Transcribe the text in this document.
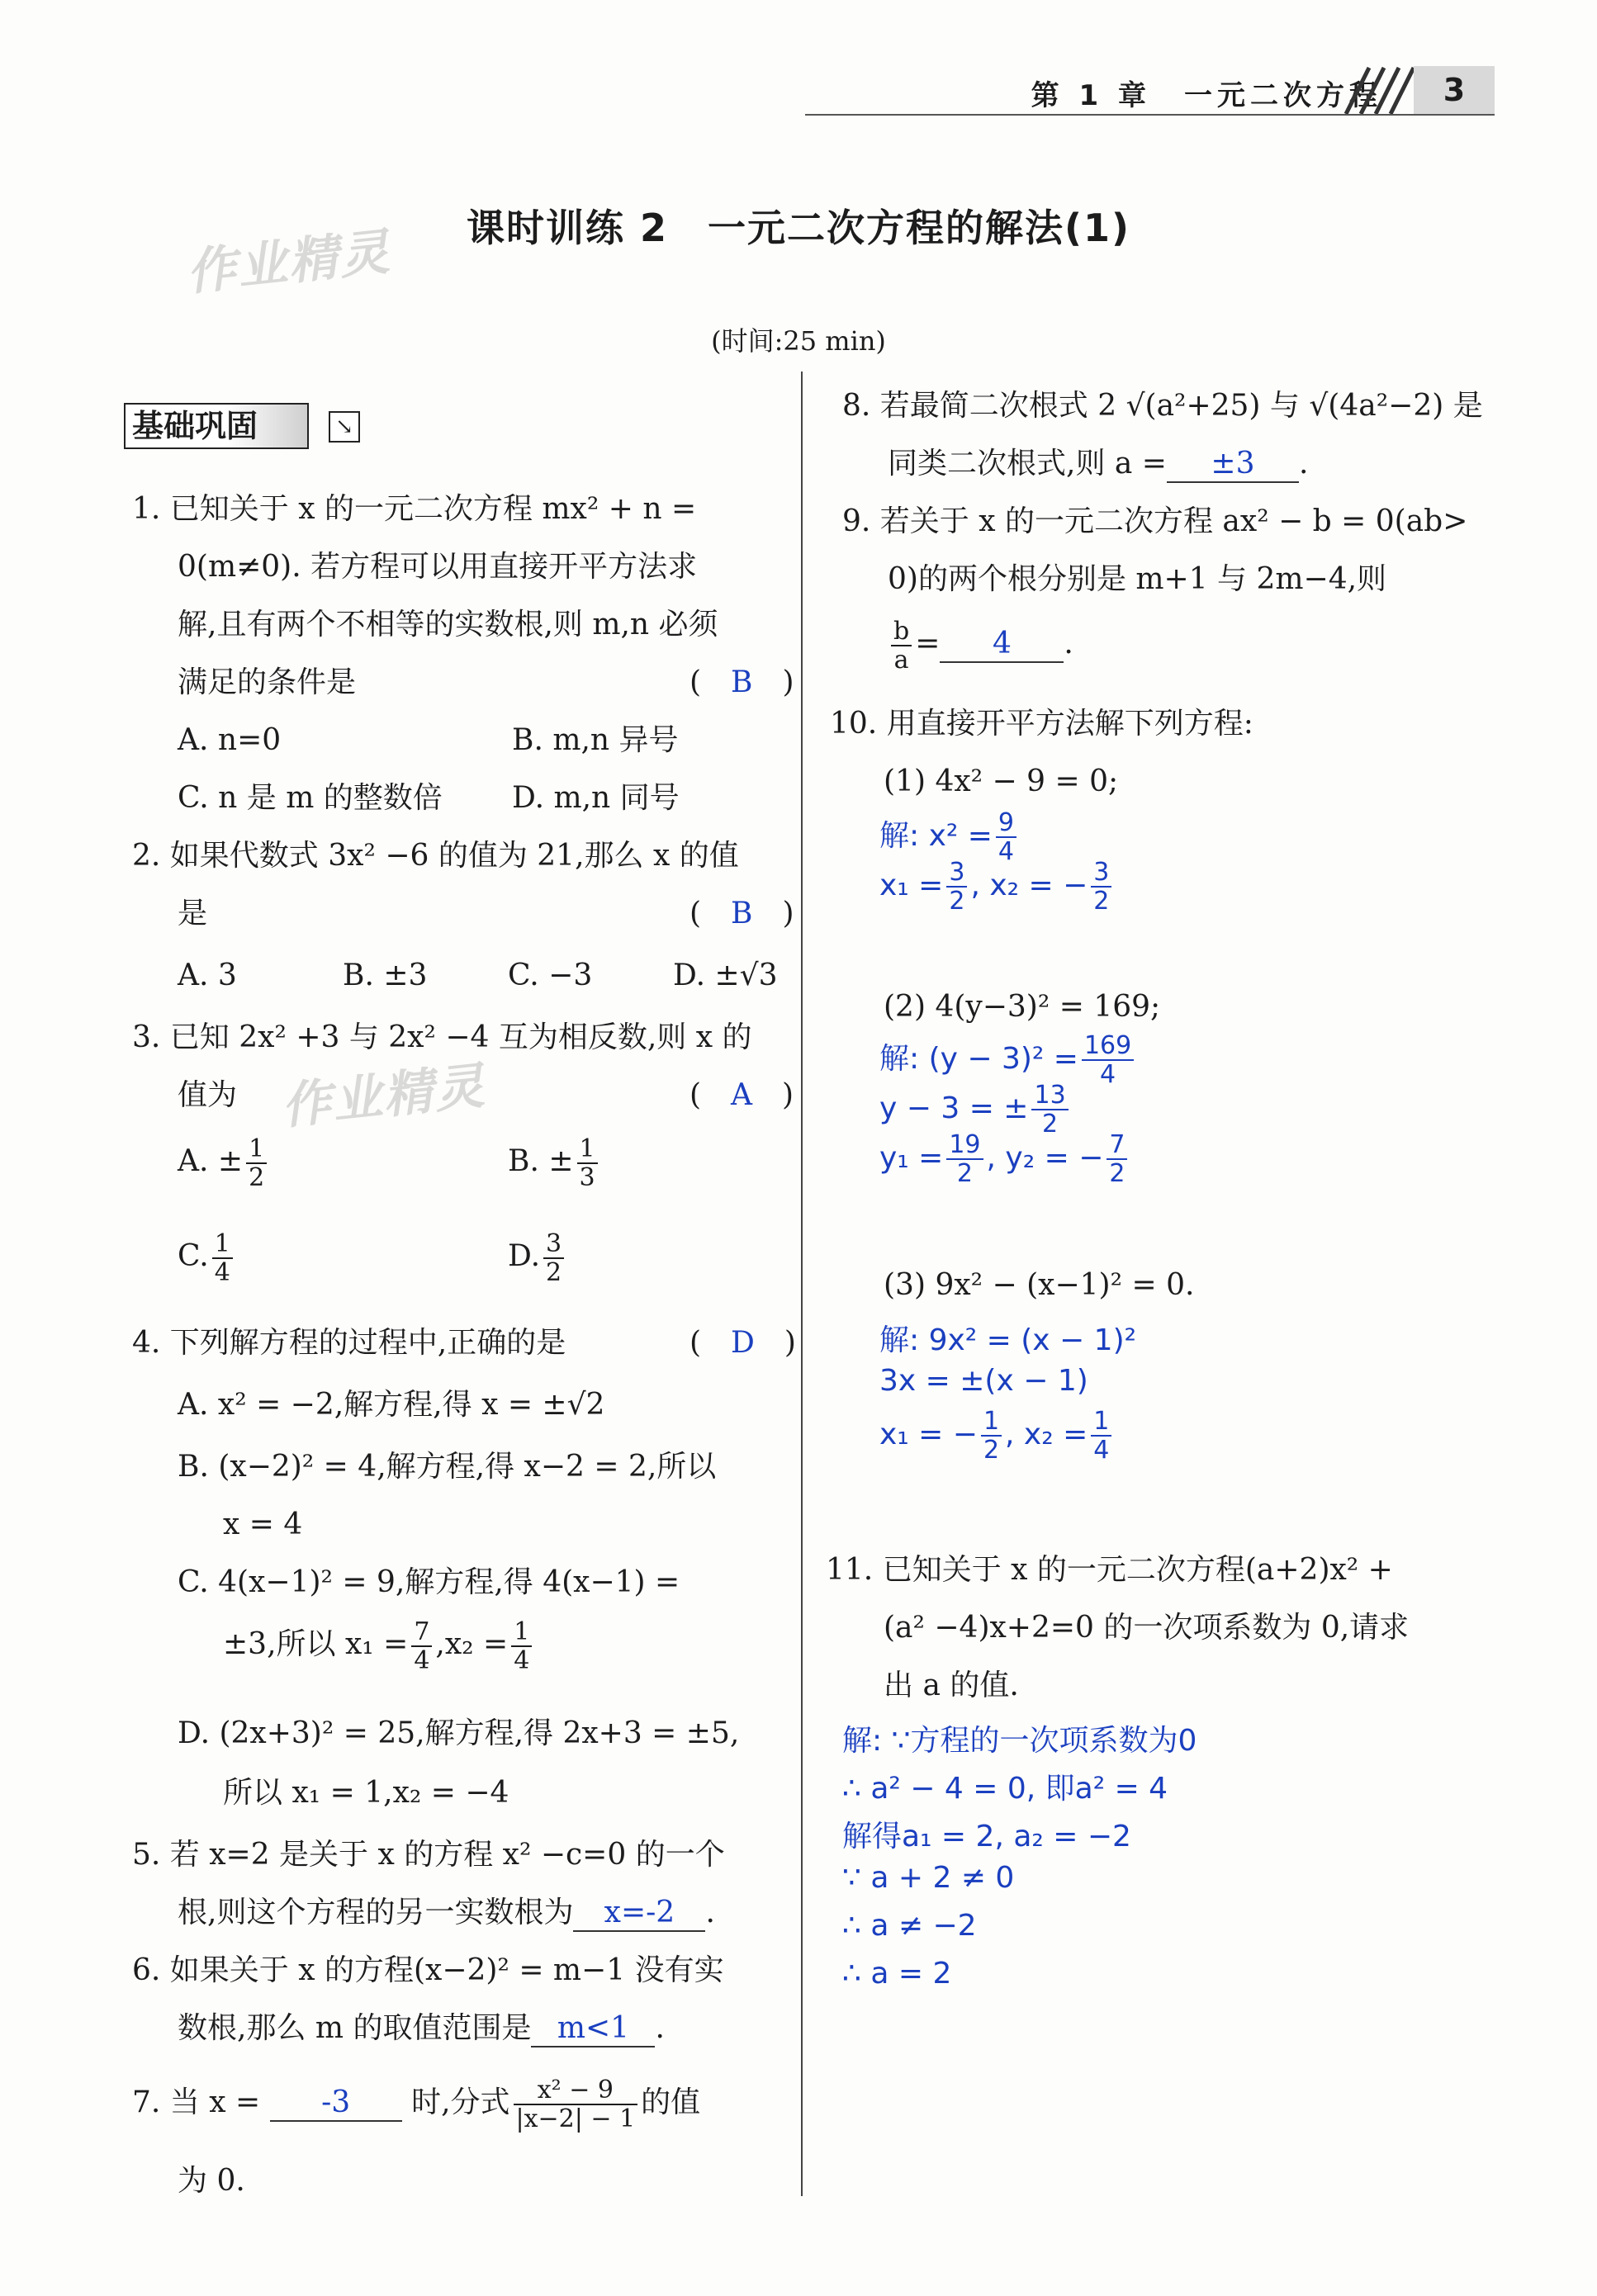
第 1 章　一元二次方程	3
课时训练 2　一元二次方程的解法(1)
(时间:25 min)
作业精灵
作业精灵
基础巩固	↘
1. 已知关于 x 的一元二次方程 mx² + n =
0(m≠0). 若方程可以用直接开平方法求
解,且有两个不相等的实数根,则 m,n 必须
满足的条件是	(　B　)
A. n=0	B. m,n 异号
C. n 是 m 的整数倍 D. m,n 同号
2. 如果代数式 3x² −6 的值为 21,那么 x 的值
是	(　B　)
A. 3	B. ±3	C. −3	D. ±√3
3. 已知 2x² +3 与 2x² −4 互为相反数,则 x 的
值为	(　A　)
A. ± $\frac{1}{2}$	B. ± $\frac{1}{3}$
C. $\frac{1}{4}$	D. $\frac{3}{2}$
4. 下列解方程的过程中,正确的是	(　D　)
A. x² = −2,解方程,得 x = ±√2
B. (x−2)² = 4,解方程,得 x−2 = 2,所以
x = 4
C. 4(x−1)² = 9,解方程,得 4(x−1) =
±3,所以 $x_1 = \frac{7}{4} ,x_2 = \frac{1}{4}$
D. (2x+3)² = 25,解方程,得 2x+3 = ±5,
所以 x₁ = 1,x₂ = −4
5. 若 x=2 是关于 x 的方程 x² −c=0 的一个
根,则这个方程的另一实数根为 x=-2 .
6. 如果关于 x 的方程(x−2)² = m−1 没有实
数根,那么 m 的取值范围是 m<1 .
7. 当 x = -3 时,分式 $\frac{\text{x² − 9}}{|x-2| - 1}$ 的值
为 0.
8. 若最简二次根式 2 √(a²+25) 与 √(4a²−2) 是
同类二次根式,则 a = ±3 .
9. 若关于 x 的一元二次方程 ax² − b = 0(ab>
0)的两个根分别是 m+1 与 2m−4,则
$\frac{b}{a} = 4$ .
10. 用直接开平方法解下列方程:
(1) 4x² − 9 = 0;
解: $x^2 = \frac{9}{4}$
$x_1 = \frac{3}{2}$ , x₂ = − $\frac{3}{2}$
(2) 4(y−3)² = 169;
解: $(y - 3)^2 = \frac{169}{4}$
y − 3 = ± $\frac{13}{2}$
$y_1 = \frac{19}{2}$ , y₂ = − $\frac{7}{2}$
(3) 9x² − (x−1)² = 0.
解: 9x² = (x − 1)²
3x = ±(x − 1)
x₁ = − $\frac{1}{2}$ , $x_2 = \frac{1}{4}$
11. 已知关于 x 的一元二次方程(a+2)x² +
(a² −4)x+2=0 的一次项系数为 0,请求
出 a 的值.
解: ∵方程的一次项系数为0
∴ a² − 4 = 0, 即a² = 4
解得a₁ = 2, a₂ = −2
∵ a + 2 ≠ 0
∴ a ≠ −2
∴ a = 2
